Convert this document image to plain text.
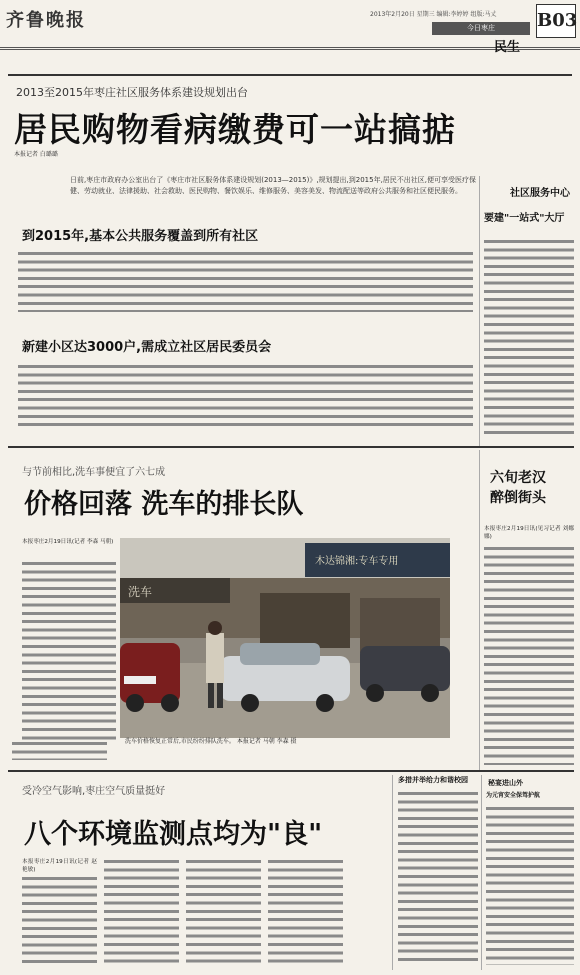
齐鲁晚报	2013年2月20日 星期三 编辑:李婷婷 组版:马丈 B03
今日枣庄
民生
2013至2015年枣庄社区服务体系建设规划出台
居民购物看病缴费可一站搞掂
本报记者 白璐璐
日前,枣庄市政府办公室出台了《枣庄市社区服务体系建设规划(2013—2015)》,规划提出,到2015年,居民不出社区,便可享受医疗保健、劳动就业、法律援助、社会救助、医民购物、餐饮娱乐、维修服务、美容美发、物流配送等政府公共服务和社区便民服务。	社区服务中心
要建"一站式"大厅
到2015年,基本公共服务覆盖到所有社区
新建小区达3000户,需成立社区居民委员会
与节前相比,洗车事便宜了六七成
价格回落 洗车的排长队
本报枣庄2月19日讯(记者 李森 马朝)
木达锦湘:专车专用
洗车
洗车价格恢复正常后,市民纷纷排队洗车。 本报记者 马朝 李森 摄
六旬老汉
醉倒街头
本报枣庄2月19日讯(见习记者 刘娜娜)
受冷空气影响,枣庄空气质量挺好
八个环境监测点均为"良"
本报枣庄2月19日讯(记者 赵艳敏)
多措并举给力和谐校园	秘宴进山外
为元宵安全保驾护航
